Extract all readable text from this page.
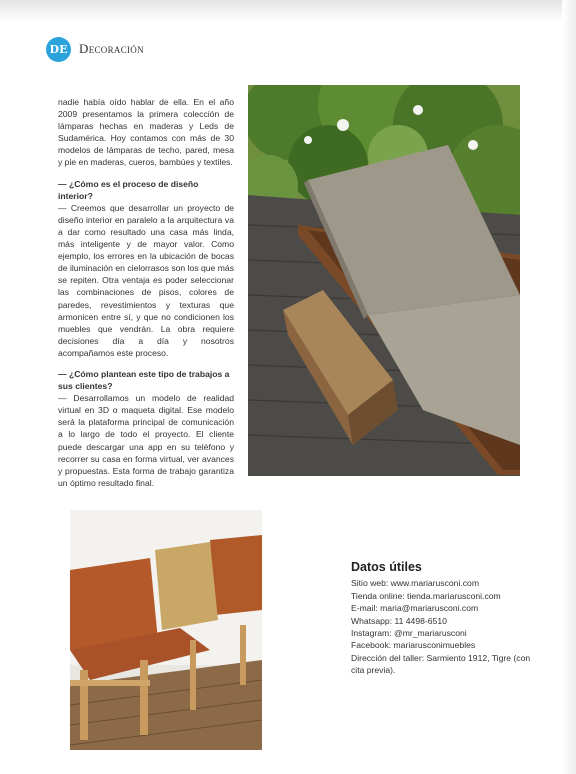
DE Decoración

nadie había oído hablar de ella. En el año 2009 presentamos la primera colección de lámparas hechas en maderas y Leds de Sudamérica. Hoy contamos con más de 30 modelos de lámparas de techo, pared, mesa y pie en maderas, cueros, bambúes y textiles.

— ¿Cómo es el proceso de diseño interior?

— Creemos que desarrollar un proyecto de diseño interior en paralelo a la arquitectura va a dar como resultado una casa más linda, más inteligente y de mayor valor. Como ejemplo, los errores en la ubicación de bocas de iluminación en cielorrasos son los que más se repiten. Otra ventaja es poder seleccionar las combinaciones de pisos, colores de paredes, revestimientos y texturas que armonicen entre sí, y que no condicionen los muebles que vendrán. La obra requiere decisiones día a día y nosotros acompañamos este proceso.

— ¿Cómo plantean este tipo de trabajos a sus clientes?

— Desarrollamos un modelo de realidad virtual en 3D o maqueta digital. Ese modelo será la plataforma principal de comunicación a lo largo de todo el proyecto. El cliente puede descargar una app en su teléfono y recorrer su casa en forma virtual, ver avances y propuestas. Esta forma de trabajo garantiza un óptimo resultado final.

Datos útiles
Sitio web: www.mariarusconi.com
Tienda online: tienda.mariarusconi.com
E-mail: maria@mariarusconi.com
Whatsapp: 11 4498-6510
Instagram: @mr_mariarusconi
Facebook: mariarusconimuebles
Dirección del taller: Sarmiento 1912, Tigre (con cita previa).
